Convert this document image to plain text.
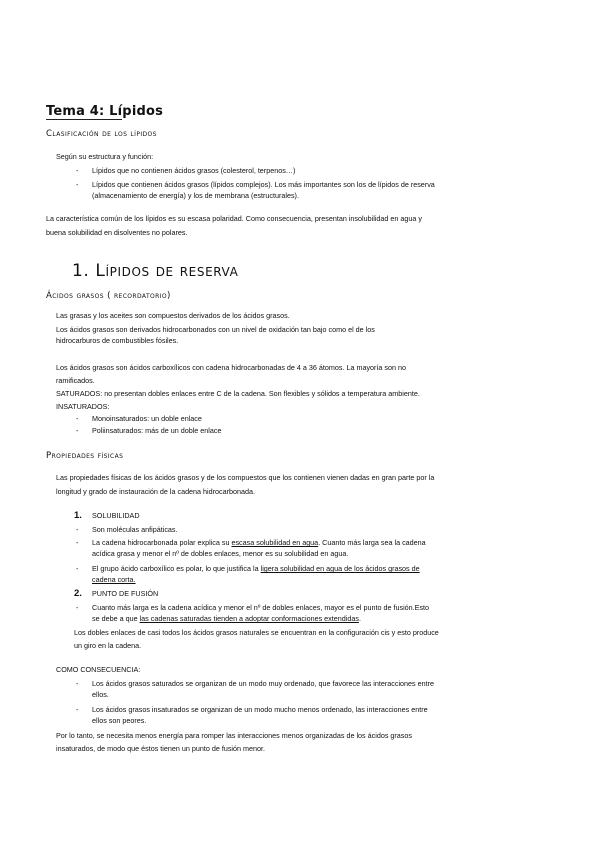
Tema 4: Lípidos
Clasificación de los lípidos
Según su estructura y función:
- Lípidos que no contienen ácidos grasos (colesterol, terpenos…)
- Lípidos que contienen ácidos grasos (lípidos complejos). Los más importantes son los de lípidos de reserva
(almacenamiento de energía) y los de membrana (estructurales).
La característica común de los lípidos es su escasa polaridad. Como consecuencia, presentan insolubilidad en agua y
buena solubilidad en disolventes no polares.
1. Lípidos de reserva
Ácidos grasos ( recordatorio)
Las grasas y los aceites son compuestos derivados de los ácidos grasos.
Los ácidos grasos son derivados hidrocarbonados con un nivel de oxidación tan bajo como el de los
hidrocarburos de combustibles fósiles.
Los ácidos grasos son ácidos carboxílicos con cadena hidrocarbonadas de 4 a 36 átomos. La mayoría son no
ramificados.
SATURADOS: no presentan dobles enlaces entre C de la cadena. Son flexibles y sólidos a temperatura ambiente.
INSATURADOS:
- Monoinsaturados: un doble enlace
- Poliinsaturados: más de un doble enlace
Propiedades físicas
Las propiedades físicas de los ácidos grasos y de los compuestos que los contienen vienen dadas en gran parte por la
longitud y grado de instauración de la cadena hidrocarbonada.
1. SOLUBILIDAD
- Son moléculas anfipáticas.
- La cadena hidrocarbonada polar explica su escasa solubilidad en agua. Cuanto más larga sea la cadena
acídica grasa y menor el nº de dobles enlaces, menor es su solubilidad en agua.
- El grupo ácido carboxílico es polar, lo que justifica la ligera solubilidad en agua de los ácidos grasos de
cadena corta.
2. PUNTO DE FUSIÓN
- Cuanto más larga es la cadena acídica y menor el nº de dobles enlaces, mayor es el punto de fusión.Esto
se debe a que las cadenas saturadas tienden a adoptar conformaciones extendidas.
Los dobles enlaces de casi todos los ácidos grasos naturales se encuentran en la configuración cis y esto produce
un giro en la cadena.
COMO CONSECUENCIA:
- Los ácidos grasos saturados se organizan de un modo muy ordenado, que favorece las interacciones entre
ellos.
- Los ácidos grasos insaturados se organizan de un modo mucho menos ordenado, las interacciones entre
ellos son peores.
Por lo tanto, se necesita menos energía para romper las interacciones menos organizadas de los ácidos grasos
insaturados, de modo que éstos tienen un punto de fusión menor.
